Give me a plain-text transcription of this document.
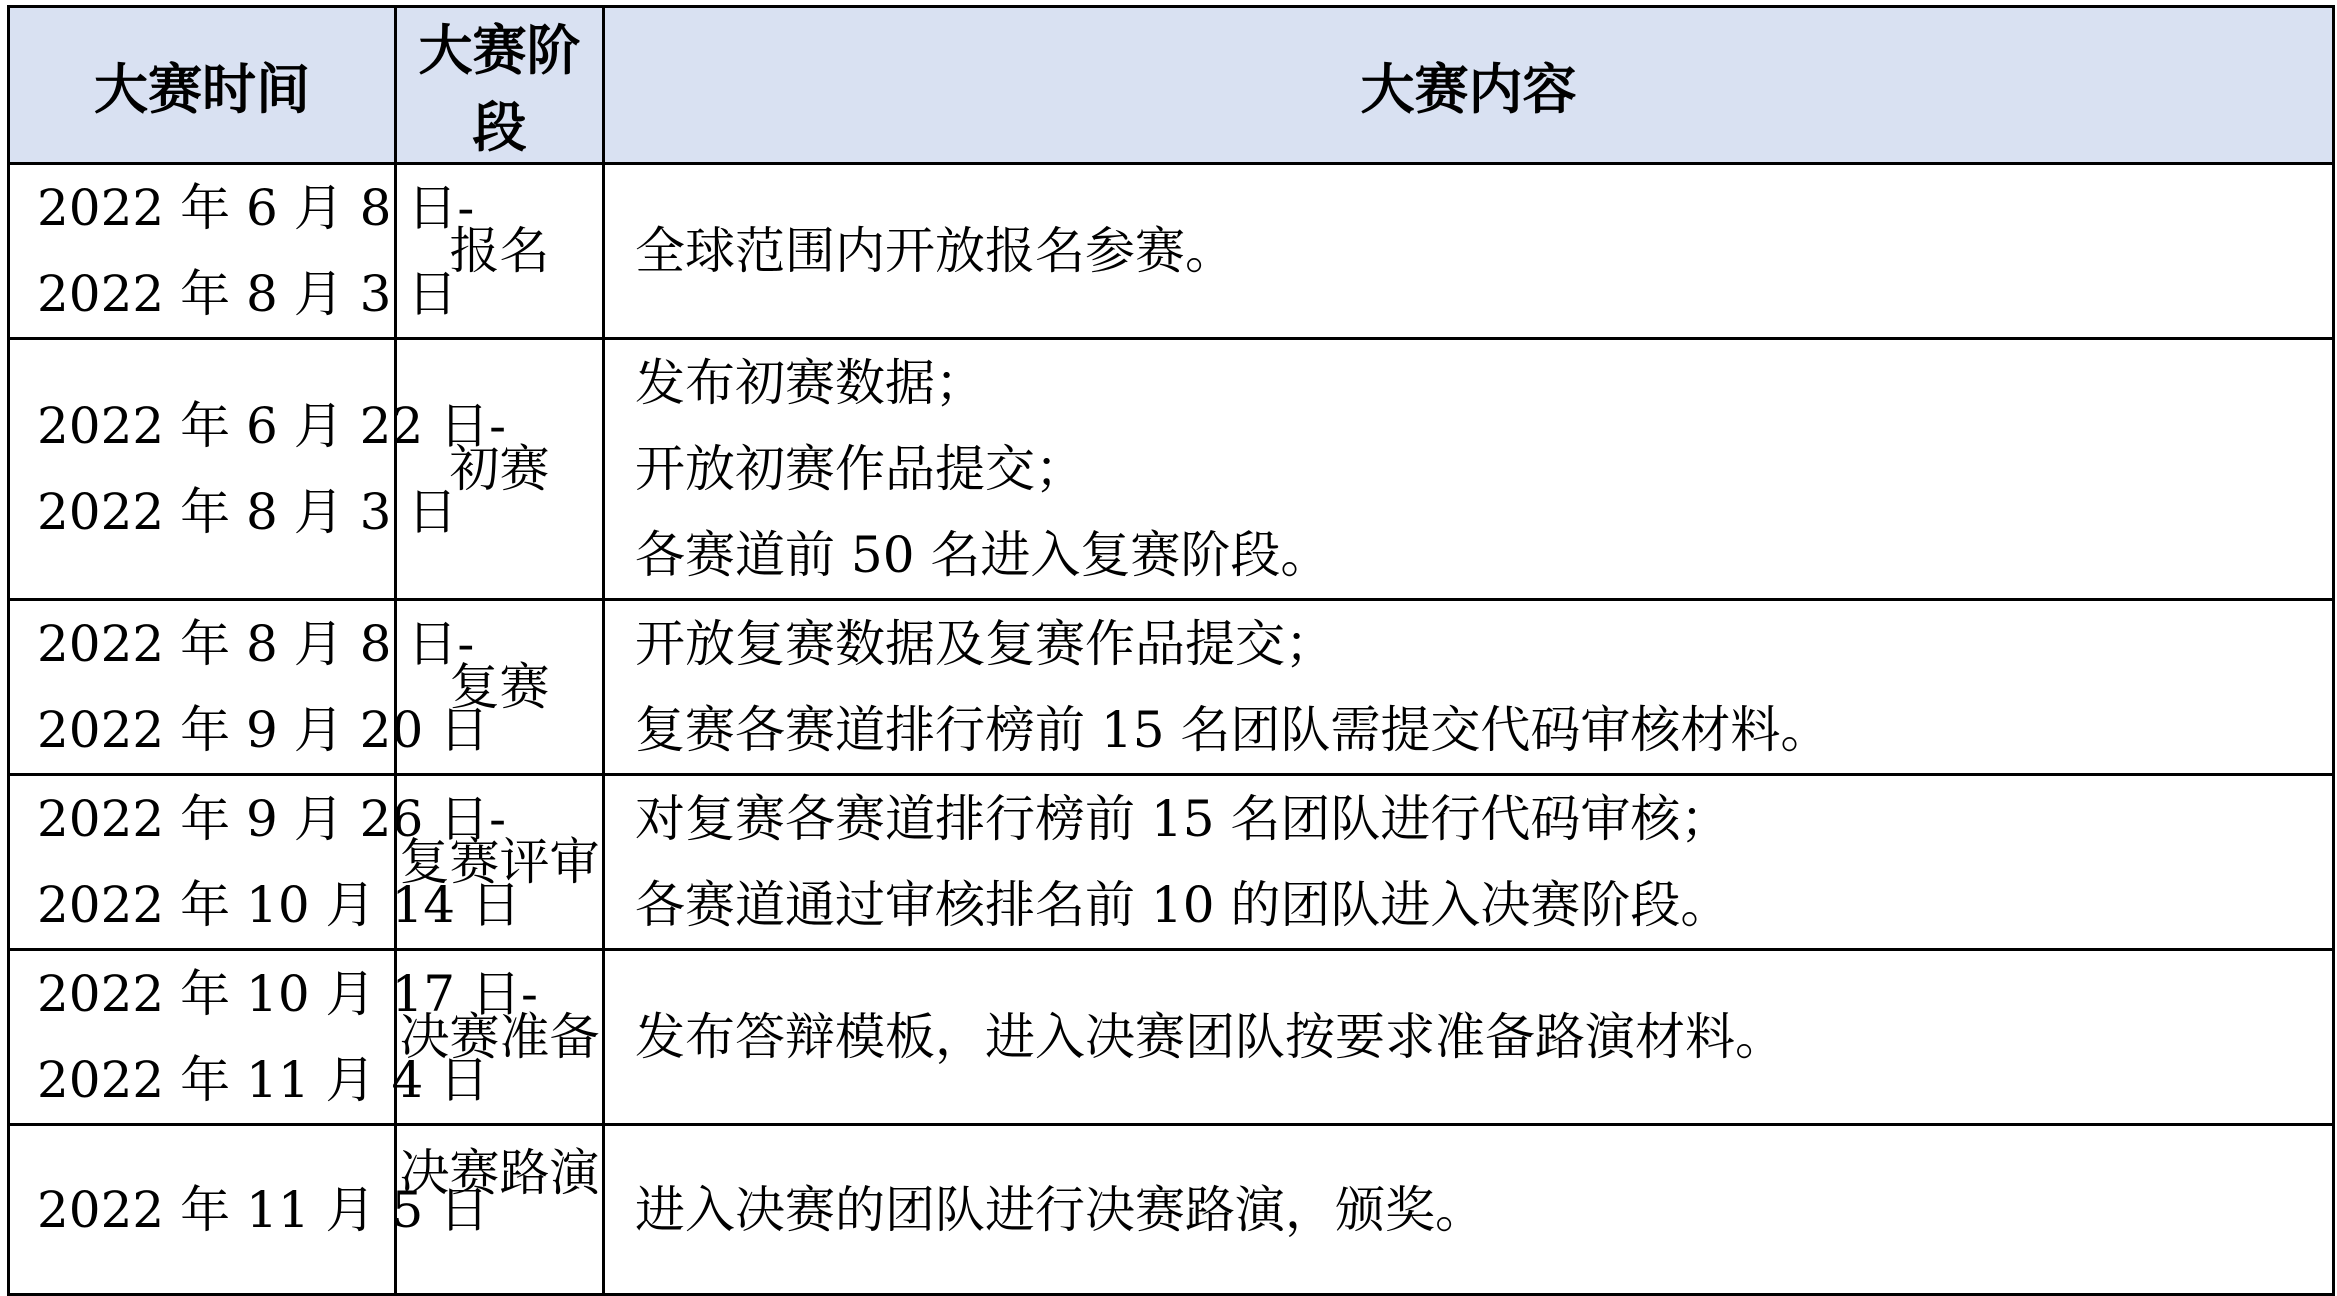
大赛时间	大赛阶段	大赛内容

2022 年 6 月 8 日-
2022 年 8 月 3 日	报名	全球范围内开放报名参赛。

2022 年 6 月 22 日-
2022 年 8 月 3 日	初赛	发布初赛数据；
开放初赛作品提交；
各赛道前 50 名进入复赛阶段。

2022 年 8 月 8 日-
2022 年 9 月 20 日	复赛	开放复赛数据及复赛作品提交；
复赛各赛道排行榜前 15 名团队需提交代码审核材料。

2022 年 9 月 26 日-
2022 年 10 月 14 日	复赛评审	对复赛各赛道排行榜前 15 名团队进行代码审核；
各赛道通过审核排名前 10 的团队进入决赛阶段。

2022 年 10 月 17 日-
2022 年 11 月 4 日	决赛准备	发布答辩模板，进入决赛团队按要求准备路演材料。

2022 年 11 月 5 日	决赛路演	进入决赛的团队进行决赛路演，颁奖。
